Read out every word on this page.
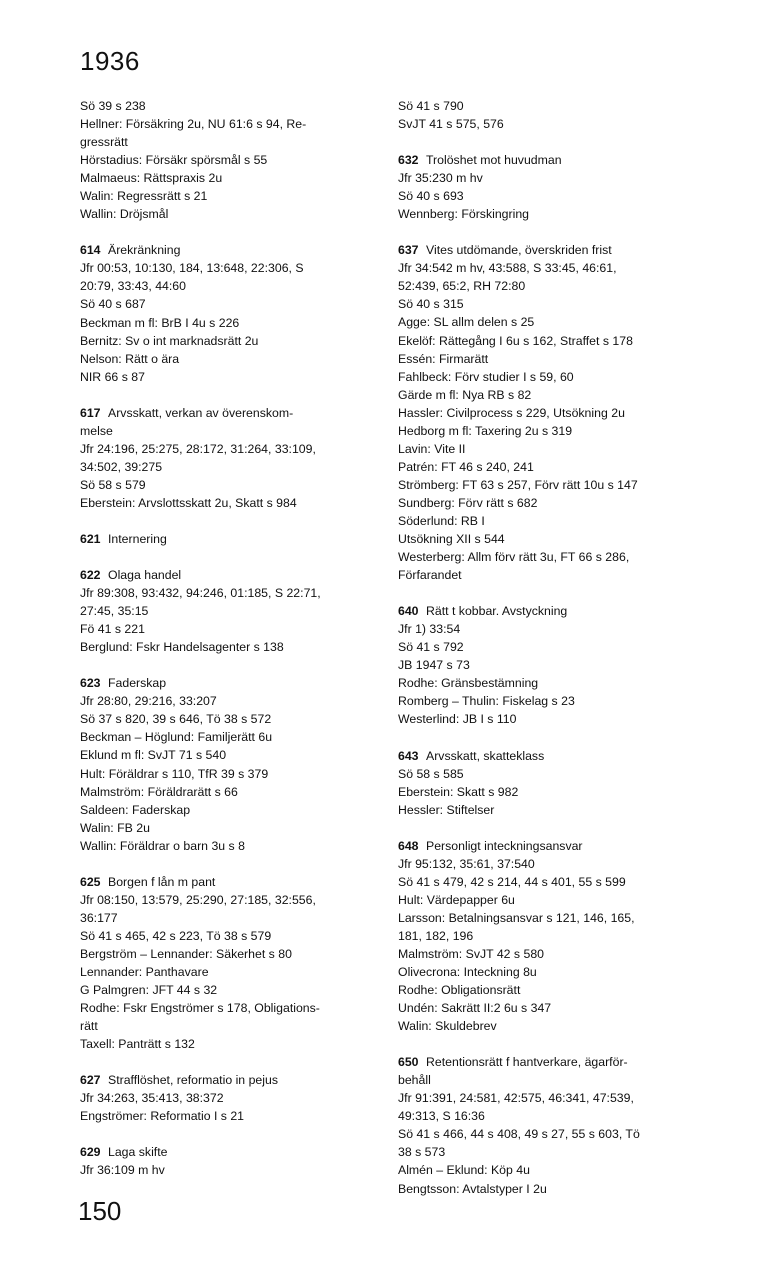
1936
Sö 39 s 238
Hellner: Försäkring 2u, NU 61:6 s 94, Re-
gressrätt
Hörstadius: Försäkr spörsmål s 55
Malmaeus: Rättspraxis 2u
Walin: Regressrätt s 21
Wallin: Dröjsmål
614 Ärekränkning
Jfr 00:53, 10:130, 184, 13:648, 22:306, S
20:79, 33:43, 44:60
Sö 40 s 687
Beckman m fl: BrB I 4u s 226
Bernitz: Sv o int marknadsrätt 2u
Nelson: Rätt o ära
NIR 66 s 87
617 Arvsskatt, verkan av överenskom-
melse
Jfr 24:196, 25:275, 28:172, 31:264, 33:109,
34:502, 39:275
Sö 58 s 579
Eberstein: Arvslottsskatt 2u, Skatt s 984
621 Internering
622 Olaga handel
Jfr 89:308, 93:432, 94:246, 01:185, S 22:71,
27:45, 35:15
Fö 41 s 221
Berglund: Fskr Handelsagenter s 138
623 Faderskap
Jfr 28:80, 29:216, 33:207
Sö 37 s 820, 39 s 646, Tö 38 s 572
Beckman – Höglund: Familjerätt 6u
Eklund m fl: SvJT 71 s 540
Hult: Föräldrar s 110, TfR 39 s 379
Malmström: Föräldrarätt s 66
Saldeen: Faderskap
Walin: FB 2u
Wallin: Föräldrar o barn 3u s 8
625 Borgen f lån m pant
Jfr 08:150, 13:579, 25:290, 27:185, 32:556,
36:177
Sö 41 s 465, 42 s 223, Tö 38 s 579
Bergström – Lennander: Säkerhet s 80
Lennander: Panthavare
G Palmgren: JFT 44 s 32
Rodhe: Fskr Engströmer s 178, Obligations-
rätt
Taxell: Panträtt s 132
627 Strafflöshet, reformatio in pejus
Jfr 34:263, 35:413, 38:372
Engströmer: Reformatio I s 21
629 Laga skifte
Jfr 36:109 m hv
Sö 41 s 790
SvJT 41 s 575, 576
632 Trolöshet mot huvudman
Jfr 35:230 m hv
Sö 40 s 693
Wennberg: Förskingring
637 Vites utdömande, överskriden frist
Jfr 34:542 m hv, 43:588, S 33:45, 46:61,
52:439, 65:2, RH 72:80
Sö 40 s 315
Agge: SL allm delen s 25
Ekelöf: Rättegång I 6u s 162, Straffet s 178
Essén: Firmarätt
Fahlbeck: Förv studier I s 59, 60
Gärde m fl: Nya RB s 82
Hassler: Civilprocess s 229, Utsökning 2u
Hedborg m fl: Taxering 2u s 319
Lavin: Vite II
Patrén: FT 46 s 240, 241
Strömberg: FT 63 s 257, Förv rätt 10u s 147
Sundberg: Förv rätt s 682
Söderlund: RB I
Utsökning XII s 544
Westerberg: Allm förv rätt 3u, FT 66 s 286,
Förfarandet
640 Rätt t kobbar. Avstyckning
Jfr 1) 33:54
Sö 41 s 792
JB 1947 s 73
Rodhe: Gränsbestämning
Romberg – Thulin: Fiskelag s 23
Westerlind: JB I s 110
643 Arvsskatt, skatteklass
Sö 58 s 585
Eberstein: Skatt s 982
Hessler: Stiftelser
648 Personligt inteckningsansvar
Jfr 95:132, 35:61, 37:540
Sö 41 s 479, 42 s 214, 44 s 401, 55 s 599
Hult: Värdepapper 6u
Larsson: Betalningsansvar s 121, 146, 165,
181, 182, 196
Malmström: SvJT 42 s 580
Olivecrona: Inteckning 8u
Rodhe: Obligationsrätt
Undén: Sakrätt II:2 6u s 347
Walin: Skuldebrev
650 Retentionsrätt f hantverkare, ägarför-
behåll
Jfr 91:391, 24:581, 42:575, 46:341, 47:539,
49:313, S 16:36
Sö 41 s 466, 44 s 408, 49 s 27, 55 s 603, Tö
38 s 573
Almén – Eklund: Köp 4u
Bengtsson: Avtalstyper I 2u
150
